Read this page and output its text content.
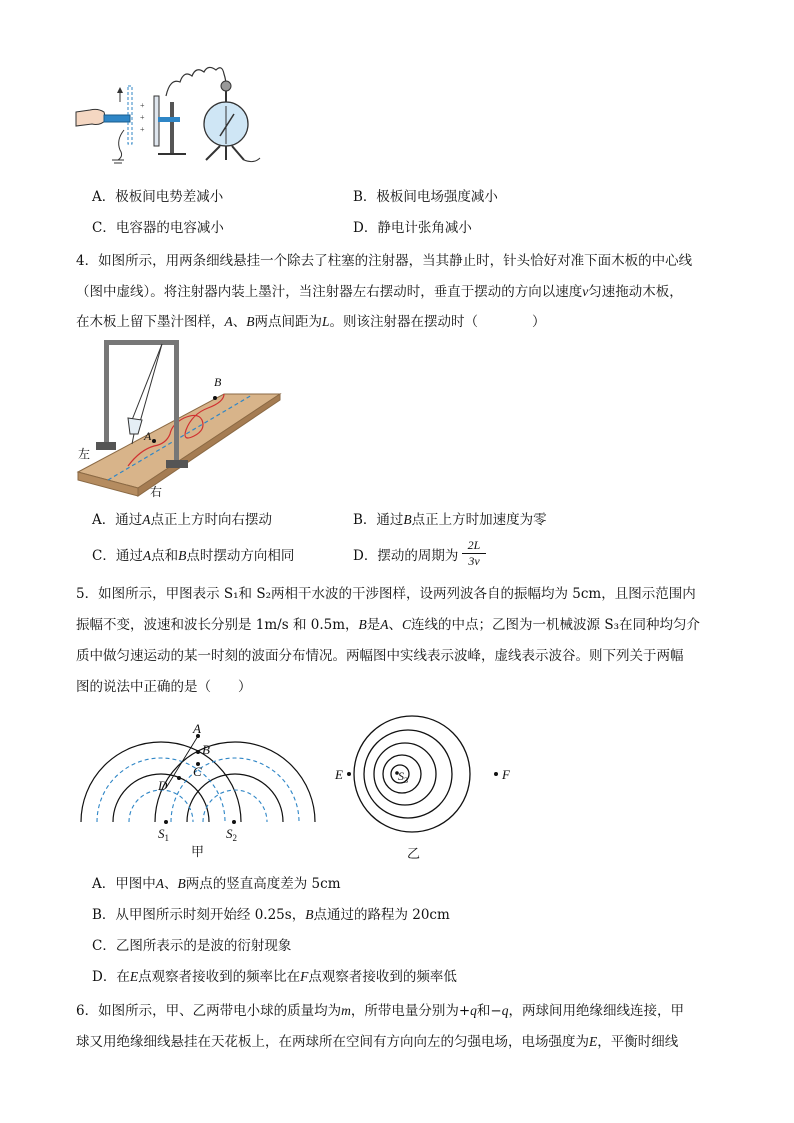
+
+
+
A．极板间电势差减小	B．极板间电场强度减小
C．电容器的电容减小	D．静电计张角减小
4．如图所示，用两条细线悬挂一个除去了柱塞的注射器，当其静止时，针头恰好对准下面木板的中心线
（图中虚线）。将注射器内装上墨汁，当注射器左右摆动时，垂直于摆动的方向以速度v匀速拖动木板，
在木板上留下墨汁图样，A、B两点间距为L。则该注射器在摆动时（　　　　）
A
B
左
右
A．通过A点正上方时向右摆动	B．通过B点正上方时加速度为零
C．通过A点和B点时摆动方向相同	D．摆动的周期为 $\frac{2L}{3v}$
5．如图所示，甲图表示 S₁和 S₂两相干水波的干涉图样，设两列波各自的振幅均为 5cm，且图示范围内
振幅不变，波速和波长分别是 1m/s 和 0.5m，B是A、C连线的中点；乙图为一机械波源 S₃在同种均匀介
质中做匀速运动的某一时刻的波面分布情况。两幅图中实线表示波峰，虚线表示波谷。则下列关于两幅
图的说法中正确的是（　　）
A
B
C
D
$S_1$	$S_2$
甲
E	F
$S_3$
乙
A．甲图中A、B两点的竖直高度差为 5cm
B．从甲图所示时刻开始经 0.25s，B点通过的路程为 20cm
C．乙图所表示的是波的衍射现象
D．在E点观察者接收到的频率比在F点观察者接收到的频率低
6．如图所示，甲、乙两带电小球的质量均为m，所带电量分别为+q和−q，两球间用绝缘细线连接，甲
球又用绝缘细线悬挂在天花板上，在两球所在空间有方向向左的匀强电场，电场强度为E，平衡时细线
